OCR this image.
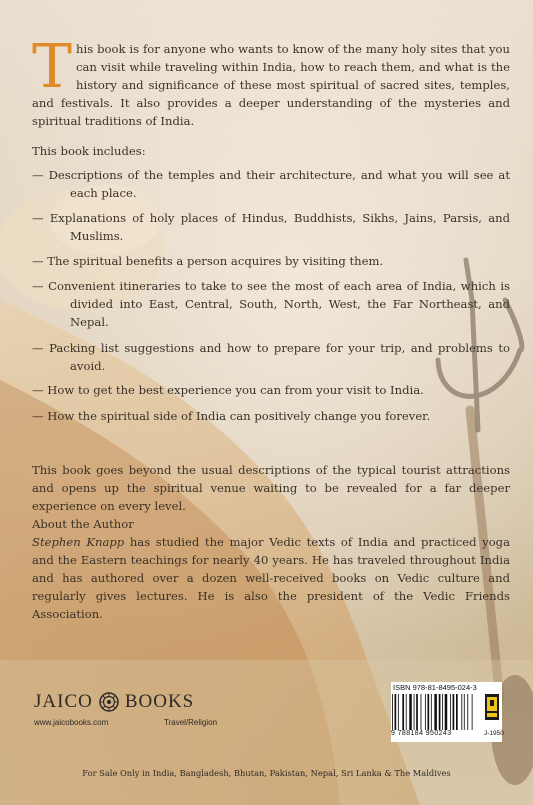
T his book is for anyone who wants to know of the many holy sites that you can visit while traveling within India, how to reach them, and what is the history and significance of these most spiritual of sacred sites, temples, and festivals. It also provides a deeper understanding of the mysteries and spiritual traditions of India.
This book includes:
— Descriptions of the temples and their architecture, and what you will see at each place.
— Explanations of holy places of Hindus, Buddhists, Sikhs, Jains, Parsis, and Muslims.
— The spiritual benefits a person acquires by visiting them.
— Convenient itineraries to take to see the most of each area of India, which is divided into East, Central, South, North, West, the Far Northeast, and Nepal.
— Packing list suggestions and how to prepare for your trip, and problems to avoid.
— How to get the best experience you can from your visit to India.
— How the spiritual side of India can positively change you forever.
This book goes beyond the usual descriptions of the typical tourist attractions and opens up the spiritual venue waiting to be revealed for a far deeper experience on every level.
About the Author
Stephen Knapp has studied the major Vedic texts of India and practiced yoga and the Eastern teachings for nearly 40 years. He has traveled throughout India and has authored over a dozen well-received books on Vedic culture and regularly gives lectures. He is also the president of the Vedic Friends Association.
JAICO BOOKS
www.jaicobooks.com	Travel/Religion
ISBN 978-81-8495-024-3
9 788184 950243	J-1950
For Sale Only in India, Bangladesh, Bhutan, Pakistan, Nepal, Sri Lanka & The Maldives
